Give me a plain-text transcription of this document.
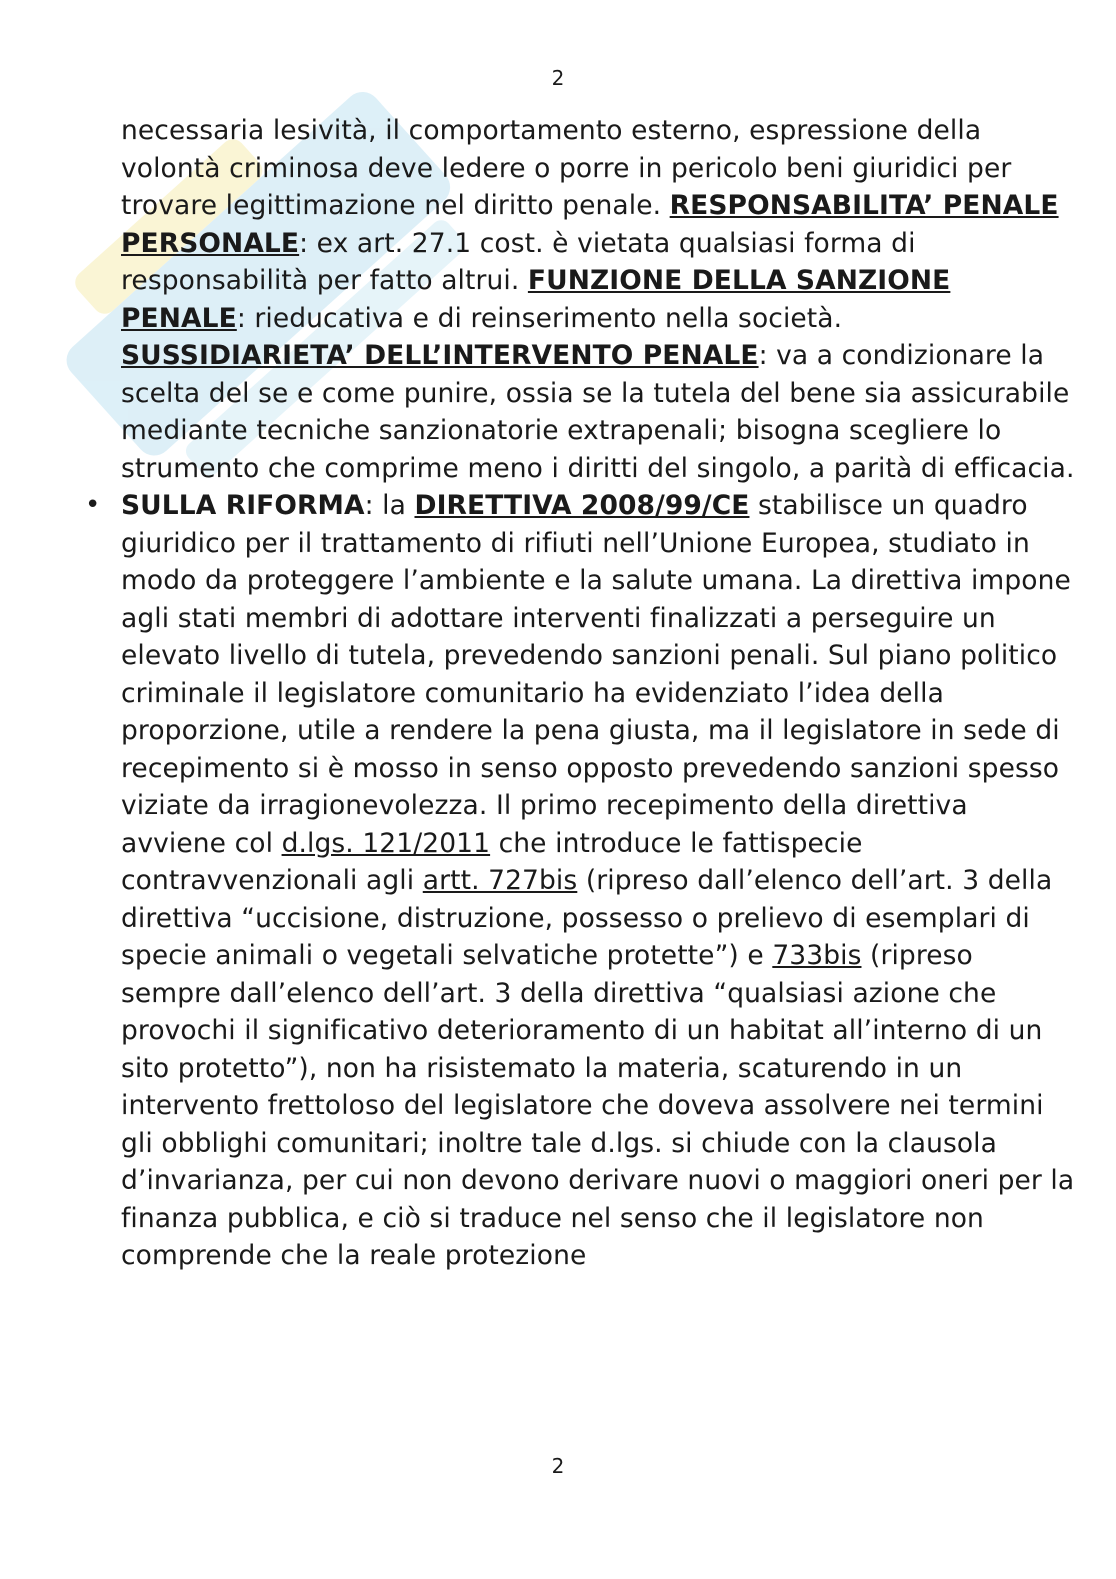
2

necessaria lesività, il comportamento esterno, espressione della volontà criminosa deve ledere o porre in pericolo beni giuridici per trovare legittimazione nel diritto penale. RESPONSABILITA’ PENALE PERSONALE: ex art. 27.1 cost. è vietata qualsiasi forma di responsabilità per fatto altrui. FUNZIONE DELLA SANZIONE PENALE: rieducativa e di reinserimento nella società. SUSSIDIARIETA’ DELL’INTERVENTO PENALE: va a condizionare la scelta del se e come punire, ossia se la tutela del bene sia assicurabile mediante tecniche sanzionatorie extrapenali; bisogna scegliere lo strumento che comprime meno i diritti del singolo, a parità di efficacia.

• SULLA RIFORMA: la DIRETTIVA 2008/99/CE stabilisce un quadro giuridico per il trattamento di rifiuti nell’Unione Europea, studiato in modo da proteggere l’ambiente e la salute umana. La direttiva impone agli stati membri di adottare interventi finalizzati a perseguire un elevato livello di tutela, prevedendo sanzioni penali. Sul piano politico criminale il legislatore comunitario ha evidenziato l’idea della proporzione, utile a rendere la pena giusta, ma il legislatore in sede di recepimento si è mosso in senso opposto prevedendo sanzioni spesso viziate da irragionevolezza. Il primo recepimento della direttiva avviene col d.lgs. 121/2011 che introduce le fattispecie contravvenzionali agli artt. 727bis (ripreso dall’elenco dell’art. 3 della direttiva “uccisione, distruzione, possesso o prelievo di esemplari di specie animali o vegetali selvatiche protette”) e 733bis (ripreso sempre dall’elenco dell’art. 3 della direttiva “qualsiasi azione che provochi il significativo deterioramento di un habitat all’interno di un sito protetto”), non ha risistemato la materia, scaturendo in un intervento frettoloso del legislatore che doveva assolvere nei termini gli obblighi comunitari; inoltre tale d.lgs. si chiude con la clausola d’invarianza, per cui non devono derivare nuovi o maggiori oneri per la finanza pubblica, e ciò si traduce nel senso che il legislatore non comprende che la reale protezione

2
